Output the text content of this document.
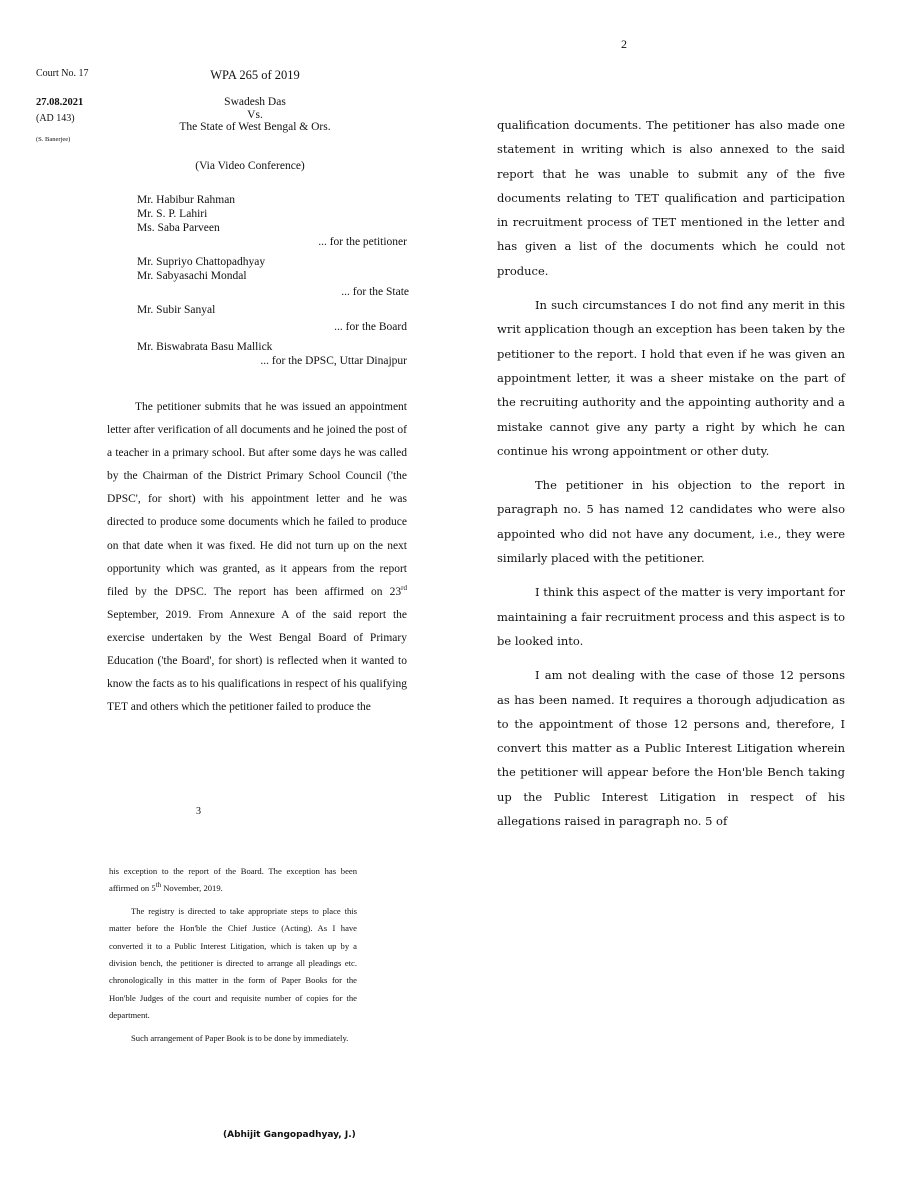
Court No. 17

27.08.2021

(AD 143)

(S. Banerjee)

WPA 265 of 2019

Swadesh Das

Vs.

The State of West Bengal & Ors.

(Via Video Conference)

Mr. Habibur Rahman
Mr. S. P. Lahiri
Ms. Saba Parveen
... for the petitioner
Mr. Supriyo Chattopadhyay
Mr. Sabyasachi Mondal
... for the State
Mr. Subir Sanyal
... for the Board
Mr. Biswabrata Basu Mallick
... for the DPSC, Uttar Dinajpur

The petitioner submits that he was issued an appointment letter after verification of all documents and he joined the post of a teacher in a primary school. But after some days he was called by the Chairman of the District Primary School Council ('the DPSC', for short) with his appointment letter and he was directed to produce some documents which he failed to produce on that date when it was fixed. He did not turn up on the next opportunity which was granted, as it appears from the report filed by the DPSC. The report has been affirmed on 23rd September, 2019. From Annexure A of the said report the exercise undertaken by the West Bengal Board of Primary Education ('the Board', for short) is reflected when it wanted to know the facts as to his qualifications in respect of his qualifying TET and others which the petitioner failed to produce the

3

2

qualification documents. The petitioner has also made one statement in writing which is also annexed to the said report that he was unable to submit any of the five documents relating to TET qualification and participation in recruitment process of TET mentioned in the letter and has given a list of the documents which he could not produce.

In such circumstances I do not find any merit in this writ application though an exception has been taken by the petitioner to the report. I hold that even if he was given an appointment letter, it was a sheer mistake on the part of the recruiting authority and the appointing authority and a mistake cannot give any party a right by which he can continue his wrong appointment or other duty.

The petitioner in his objection to the report in paragraph no. 5 has named 12 candidates who were also appointed who did not have any document, i.e., they were similarly placed with the petitioner.

I think this aspect of the matter is very important for maintaining a fair recruitment process and this aspect is to be looked into.

I am not dealing with the case of those 12 persons as has been named. It requires a thorough adjudication as to the appointment of those 12 persons and, therefore, I convert this matter as a Public Interest Litigation wherein the petitioner will appear before the Hon'ble Bench taking up the Public Interest Litigation in respect of his allegations raised in paragraph no. 5 of

his exception to the report of the Board. The exception has been affirmed on 5th November, 2019.

The registry is directed to take appropriate steps to place this matter before the Hon'ble the Chief Justice (Acting). As I have converted it to a Public Interest Litigation, which is taken up by a division bench, the petitioner is directed to arrange all pleadings etc. chronologically in this matter in the form of Paper Books for the Hon'ble Judges of the court and requisite number of copies for the department.

Such arrangement of Paper Book is to be done by immediately.

(Abhijit Gangopadhyay, J.)
